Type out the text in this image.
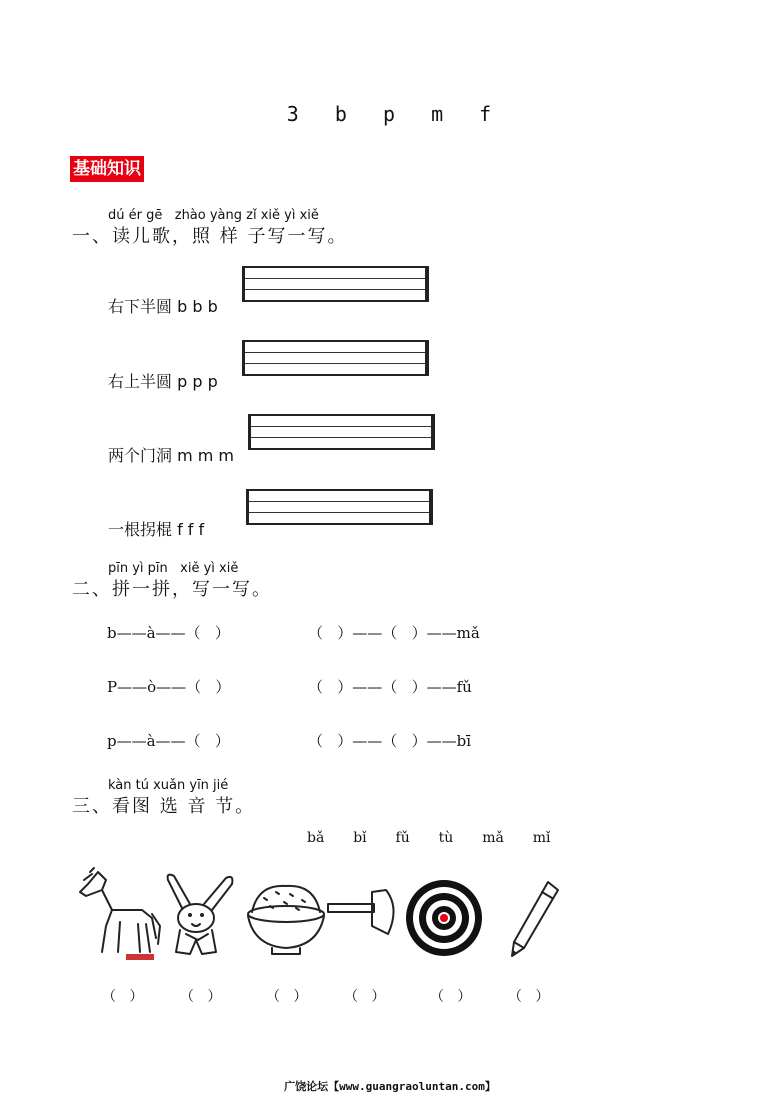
3 b p m f
基础知识
dú ér gē   zhào yàng zǐ xiě yì xiě
一、读儿歌，照 样 子写一写。
右下半圆 b b b
右上半圆 p p p
两个门洞 m m m
一根拐棍 f f f
pīn yì pīn   xiě yì xiě
二、拼一拼，写一写。
b——à——（   ）	（   ）——（   ）——mǎ
P——ò——（   ）	（   ）——（   ）——fǔ
p——à——（   ）	（   ）——（   ）——bī
kàn tú xuǎn yīn jié
三、看图 选 音 节。
bǎ  bǐ  fǔ  tù  mǎ  mǐ
（   ）	（   ）	（   ）	（   ）	（   ）	（   ）
广饶论坛【www.guangraoluntan.com】
